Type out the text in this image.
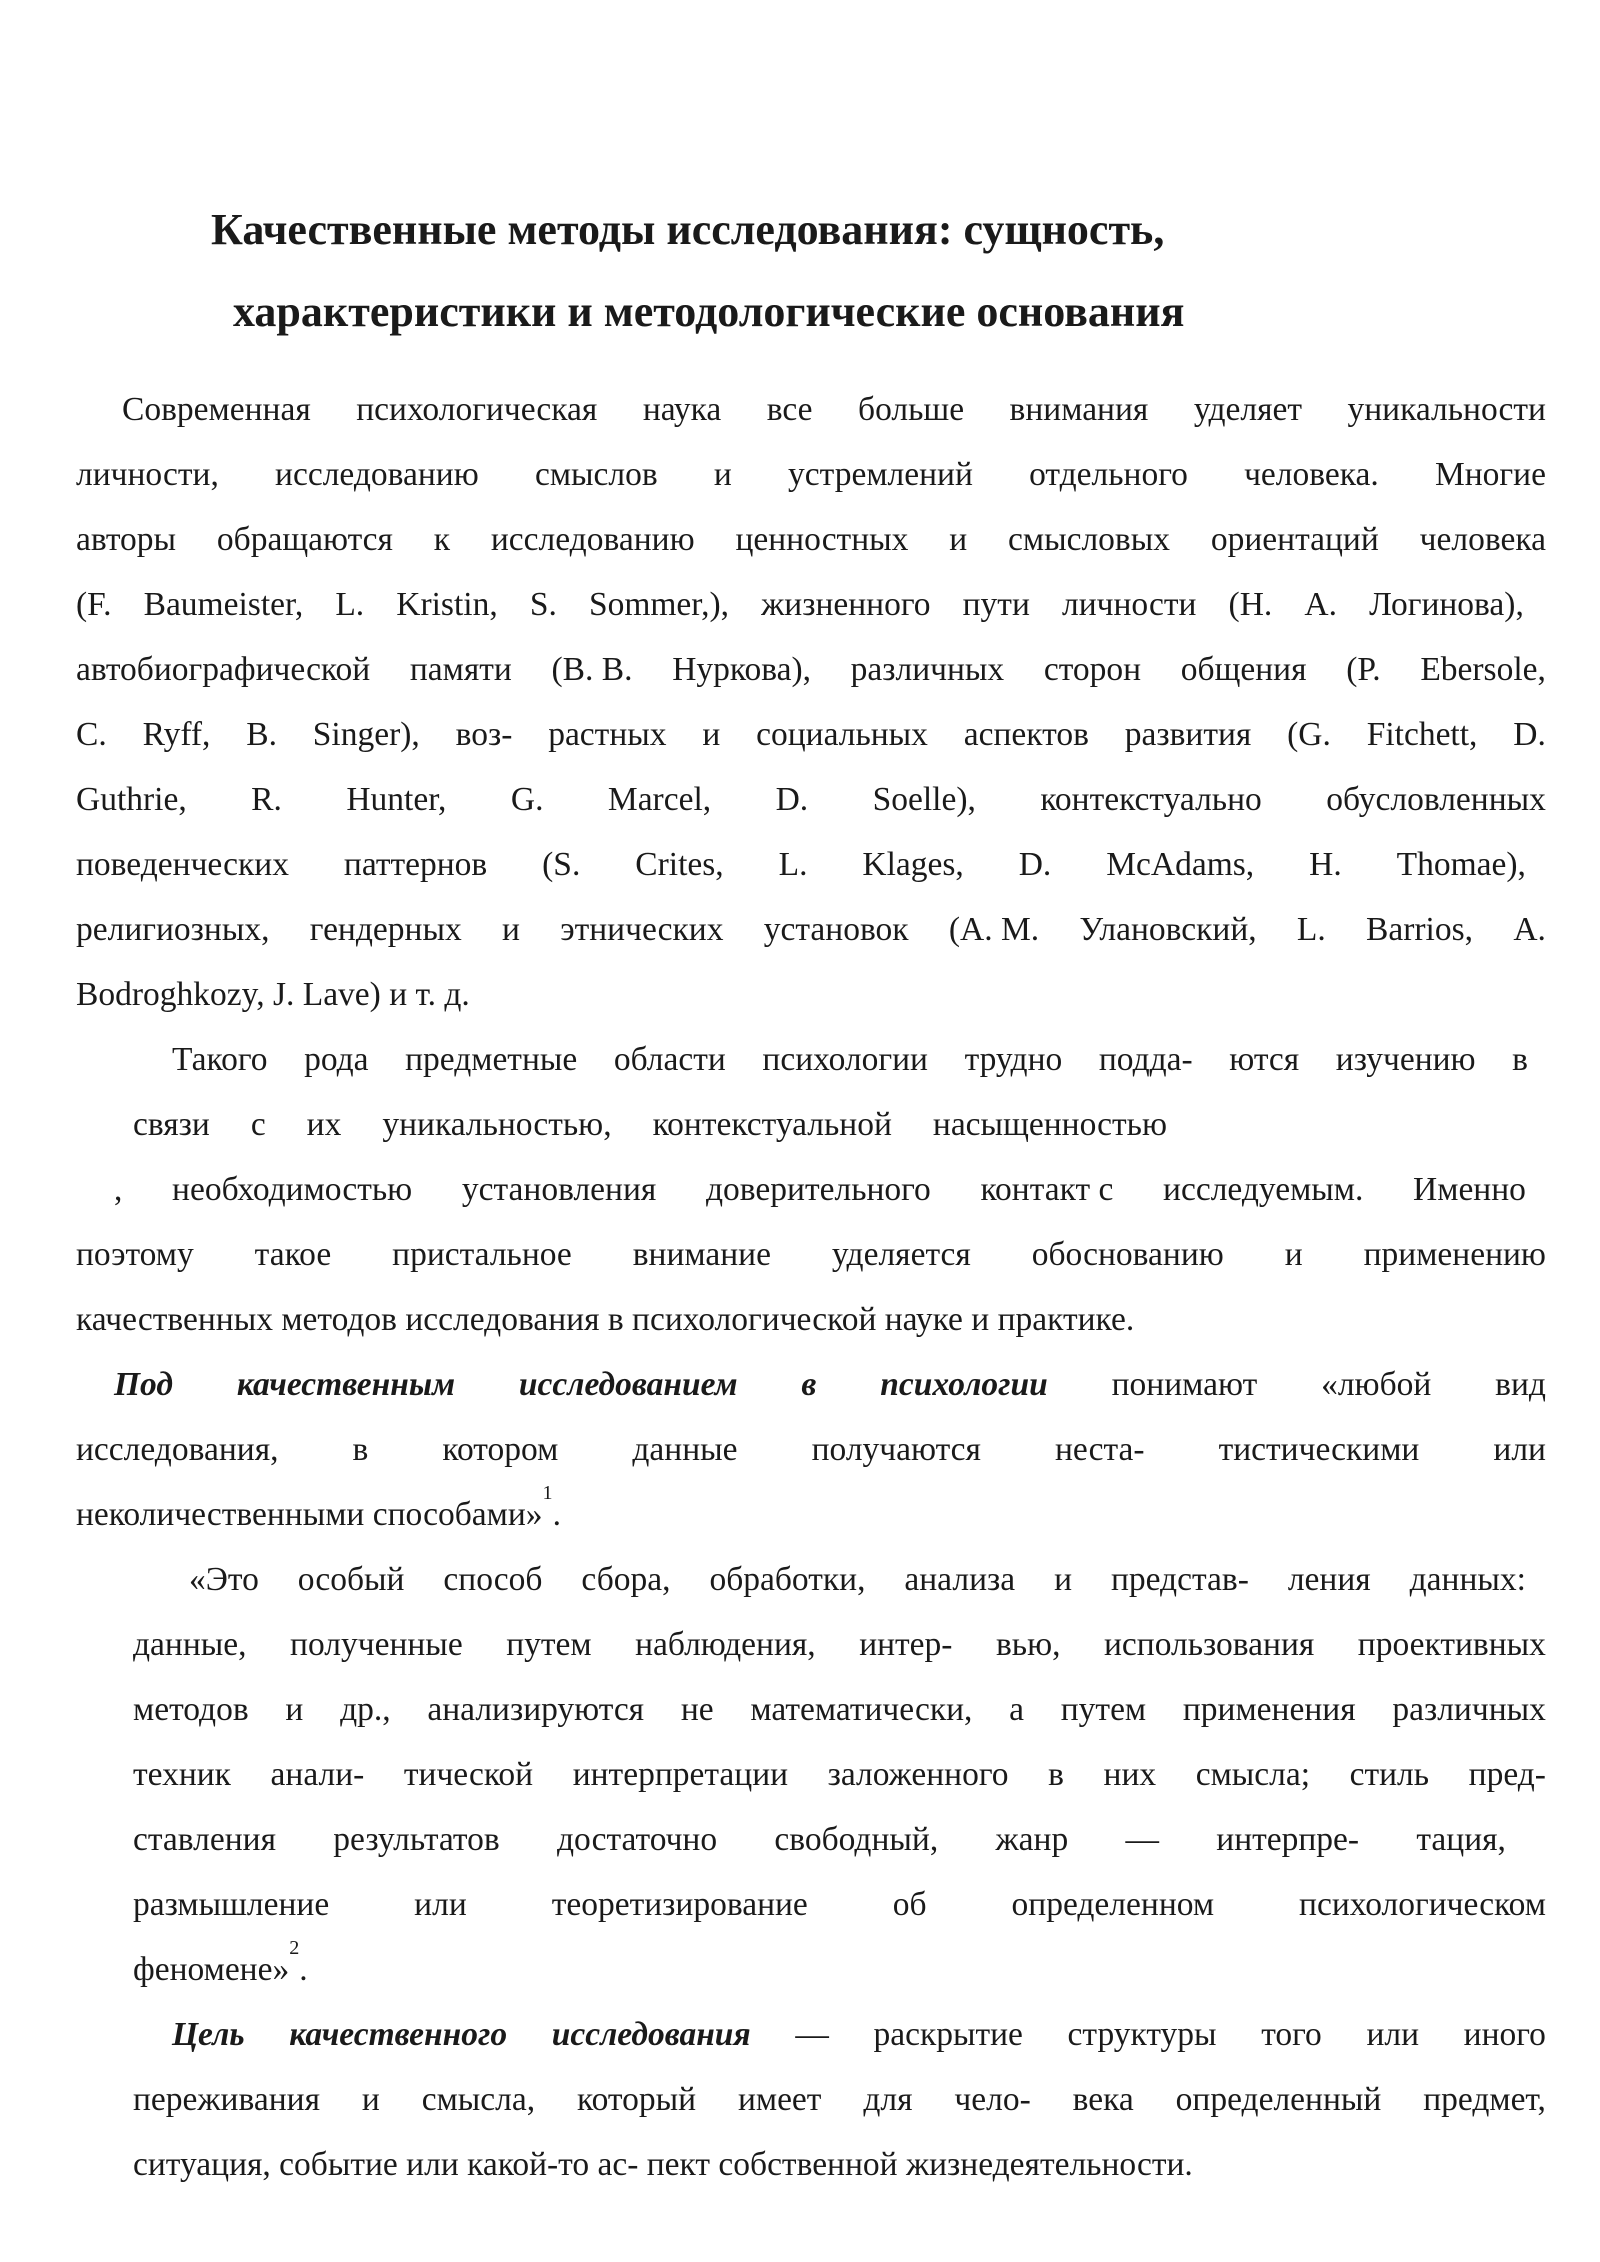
Качественные методы исследования: сущность,
характеристики и методологические основания
Современная психологическая наука все больше внимания уделяет уникальности
личности, исследованию смыслов и устремлений отдельного человека. Многие
авторы обращаются к исследованию ценностных и смысловых ориентаций человека
(F. Baumeister, L. Kristin, S. Sommer,), жизненного пути личности (Н. А. Логинова),
автобиографической памяти (В. В. Нуркова), различных сторон общения (P. Ebersole,
C. Ryff, B. Singer), воз- растных и социальных аспектов развития (G. Fitchett, D.
Guthrie, R. Hunter, G. Marcel, D. Soelle), контекстуально обусловленных
поведенческих паттернов (S. Crites, L. Klages, D. McAdams, H. Thomae),
религиозных, гендерных и этнических установок (А. М. Улановский, L. Barrios, A.
Bodroghkozy, J. Lave) и т. д.
Такого рода предметные области психологии трудно подда- ются изучению в
связи с их уникальностью, контекстуальной насыщенностью
, необходимостью установления доверительного контакт с исследуемым. Именно
поэтому такое пристальное внимание уделяется обоснованию и применению
качественных методов исследования в психологической науке и практике.
Под качественным исследованием в психологии понимают «любой вид
исследования, в котором данные получаются неста- тистическими или
неколичественными способами»
1
.
«Это особый способ сбора, обработки, анализа и представ- ления данных:
данные, полученные путем наблюдения, интер- вью, использования проективных
методов и др., анализируются не математически, а путем применения различных
техник анали- тической интерпретации заложенного в них смысла; стиль пред-
ставления результатов достаточно свободный, жанр — интерпре- тация,
размышление	или	теоретизирование	об	определенном	психологическом
феномене»
2
.
Цель качественного исследования — раскрытие структуры того или иного
переживания и смысла, который имеет для чело- века определенный предмет,
ситуация, событие или какой-то ас- пект собственной жизнедеятельности.
